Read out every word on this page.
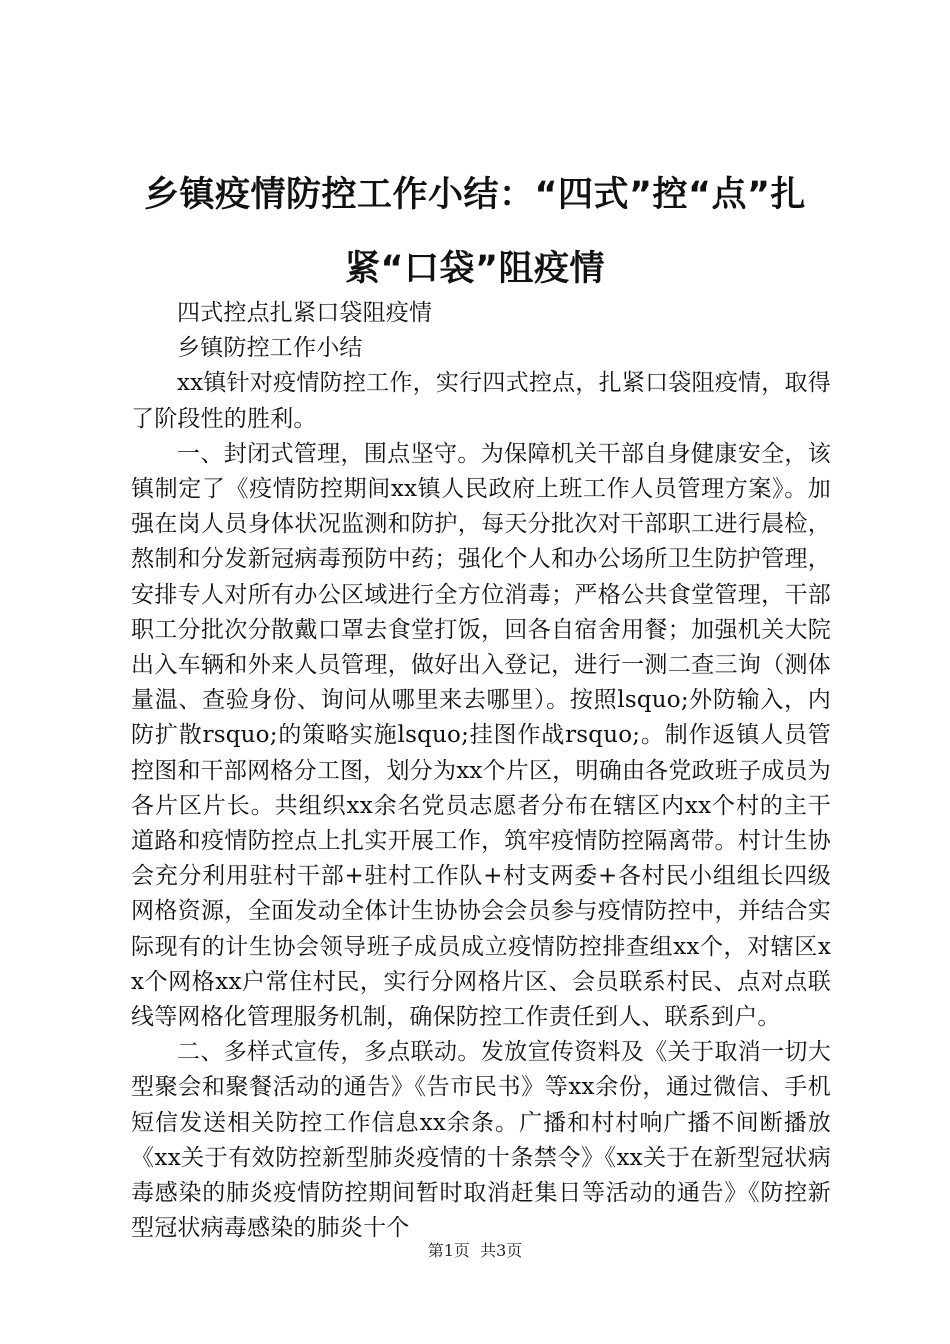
乡镇疫情防控工作小结：“四式”控“点”扎紧“口袋”阻疫情

四式控点扎紧口袋阻疫情

乡镇防控工作小结

xx镇针对疫情防控工作，实行四式控点，扎紧口袋阻疫情，取得了阶段性的胜利。

一、封闭式管理，围点坚守。为保障机关干部自身健康安全，该镇制定了《疫情防控期间xx镇人民政府上班工作人员管理方案》。加强在岗人员身体状况监测和防护，每天分批次对干部职工进行晨检，熬制和分发新冠病毒预防中药；强化个人和办公场所卫生防护管理，安排专人对所有办公区域进行全方位消毒；严格公共食堂管理，干部职工分批次分散戴口罩去食堂打饭，回各自宿舍用餐；加强机关大院出入车辆和外来人员管理，做好出入登记，进行一测二查三询（测体量温、查验身份、询问从哪里来去哪里）。按照lsquo;外防输入，内防扩散rsquo;的策略实施lsquo;挂图作战rsquo;。制作返镇人员管控图和干部网格分工图，划分为xx个片区，明确由各党政班子成员为各片区片长。共组织xx余名党员志愿者分布在辖区内xx个村的主干道路和疫情防控点上扎实开展工作，筑牢疫情防控隔离带。村计生协会充分利用驻村干部+驻村工作队+村支两委+各村民小组组长四级网格资源，全面发动全体计生协协会会员参与疫情防控中，并结合实际现有的计生协会领导班子成员成立疫情防控排查组xx个，对辖区xx个网格xx户常住村民，实行分网格片区、会员联系村民、点对点联线等网格化管理服务机制，确保防控工作责任到人、联系到户。

二、多样式宣传，多点联动。发放宣传资料及《关于取消一切大型聚会和聚餐活动的通告》《告市民书》等xx余份，通过微信、手机短信发送相关防控工作信息xx余条。广播和村村响广播不间断播放《xx关于有效防控新型肺炎疫情的十条禁令》《xx关于在新型冠状病毒感染的肺炎疫情防控期间暂时取消赶集日等活动的通告》《防控新型冠状病毒感染的肺炎十个

第1页 共3页
